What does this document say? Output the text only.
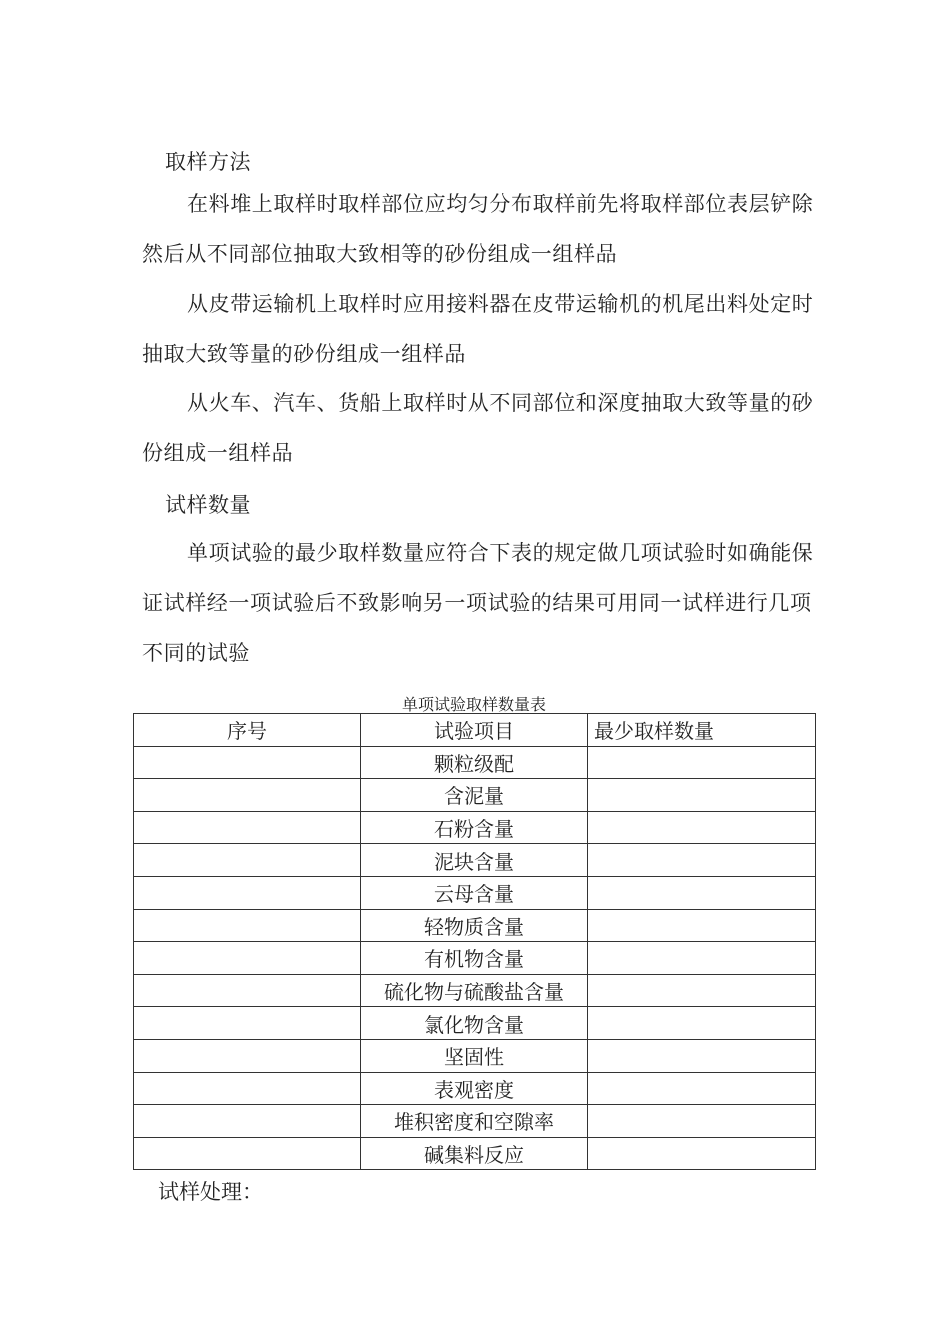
取样方法

在料堆上取样时取样部位应均匀分布取样前先将取样部位表层铲除然后从不同部位抽取大致相等的砂份组成一组样品

从皮带运输机上取样时应用接料器在皮带运输机的机尾出料处定时抽取大致等量的砂份组成一组样品

从火车、汽车、货船上取样时从不同部位和深度抽取大致等量的砂份组成一组样品

试样数量

单项试验的最少取样数量应符合下表的规定做几项试验时如确能保证试样经一项试验后不致影响另一项试验的结果可用同一试样进行几项不同的试验

单项试验取样数量表
序号	试验项目	最少取样数量
	颗粒级配	
	含泥量	
	石粉含量	
	泥块含量	
	云母含量	
	轻物质含量	
	有机物含量	
	硫化物与硫酸盐含量	
	氯化物含量	
	坚固性	
	表观密度	
	堆积密度和空隙率	
	碱集料反应	
试样处理：
